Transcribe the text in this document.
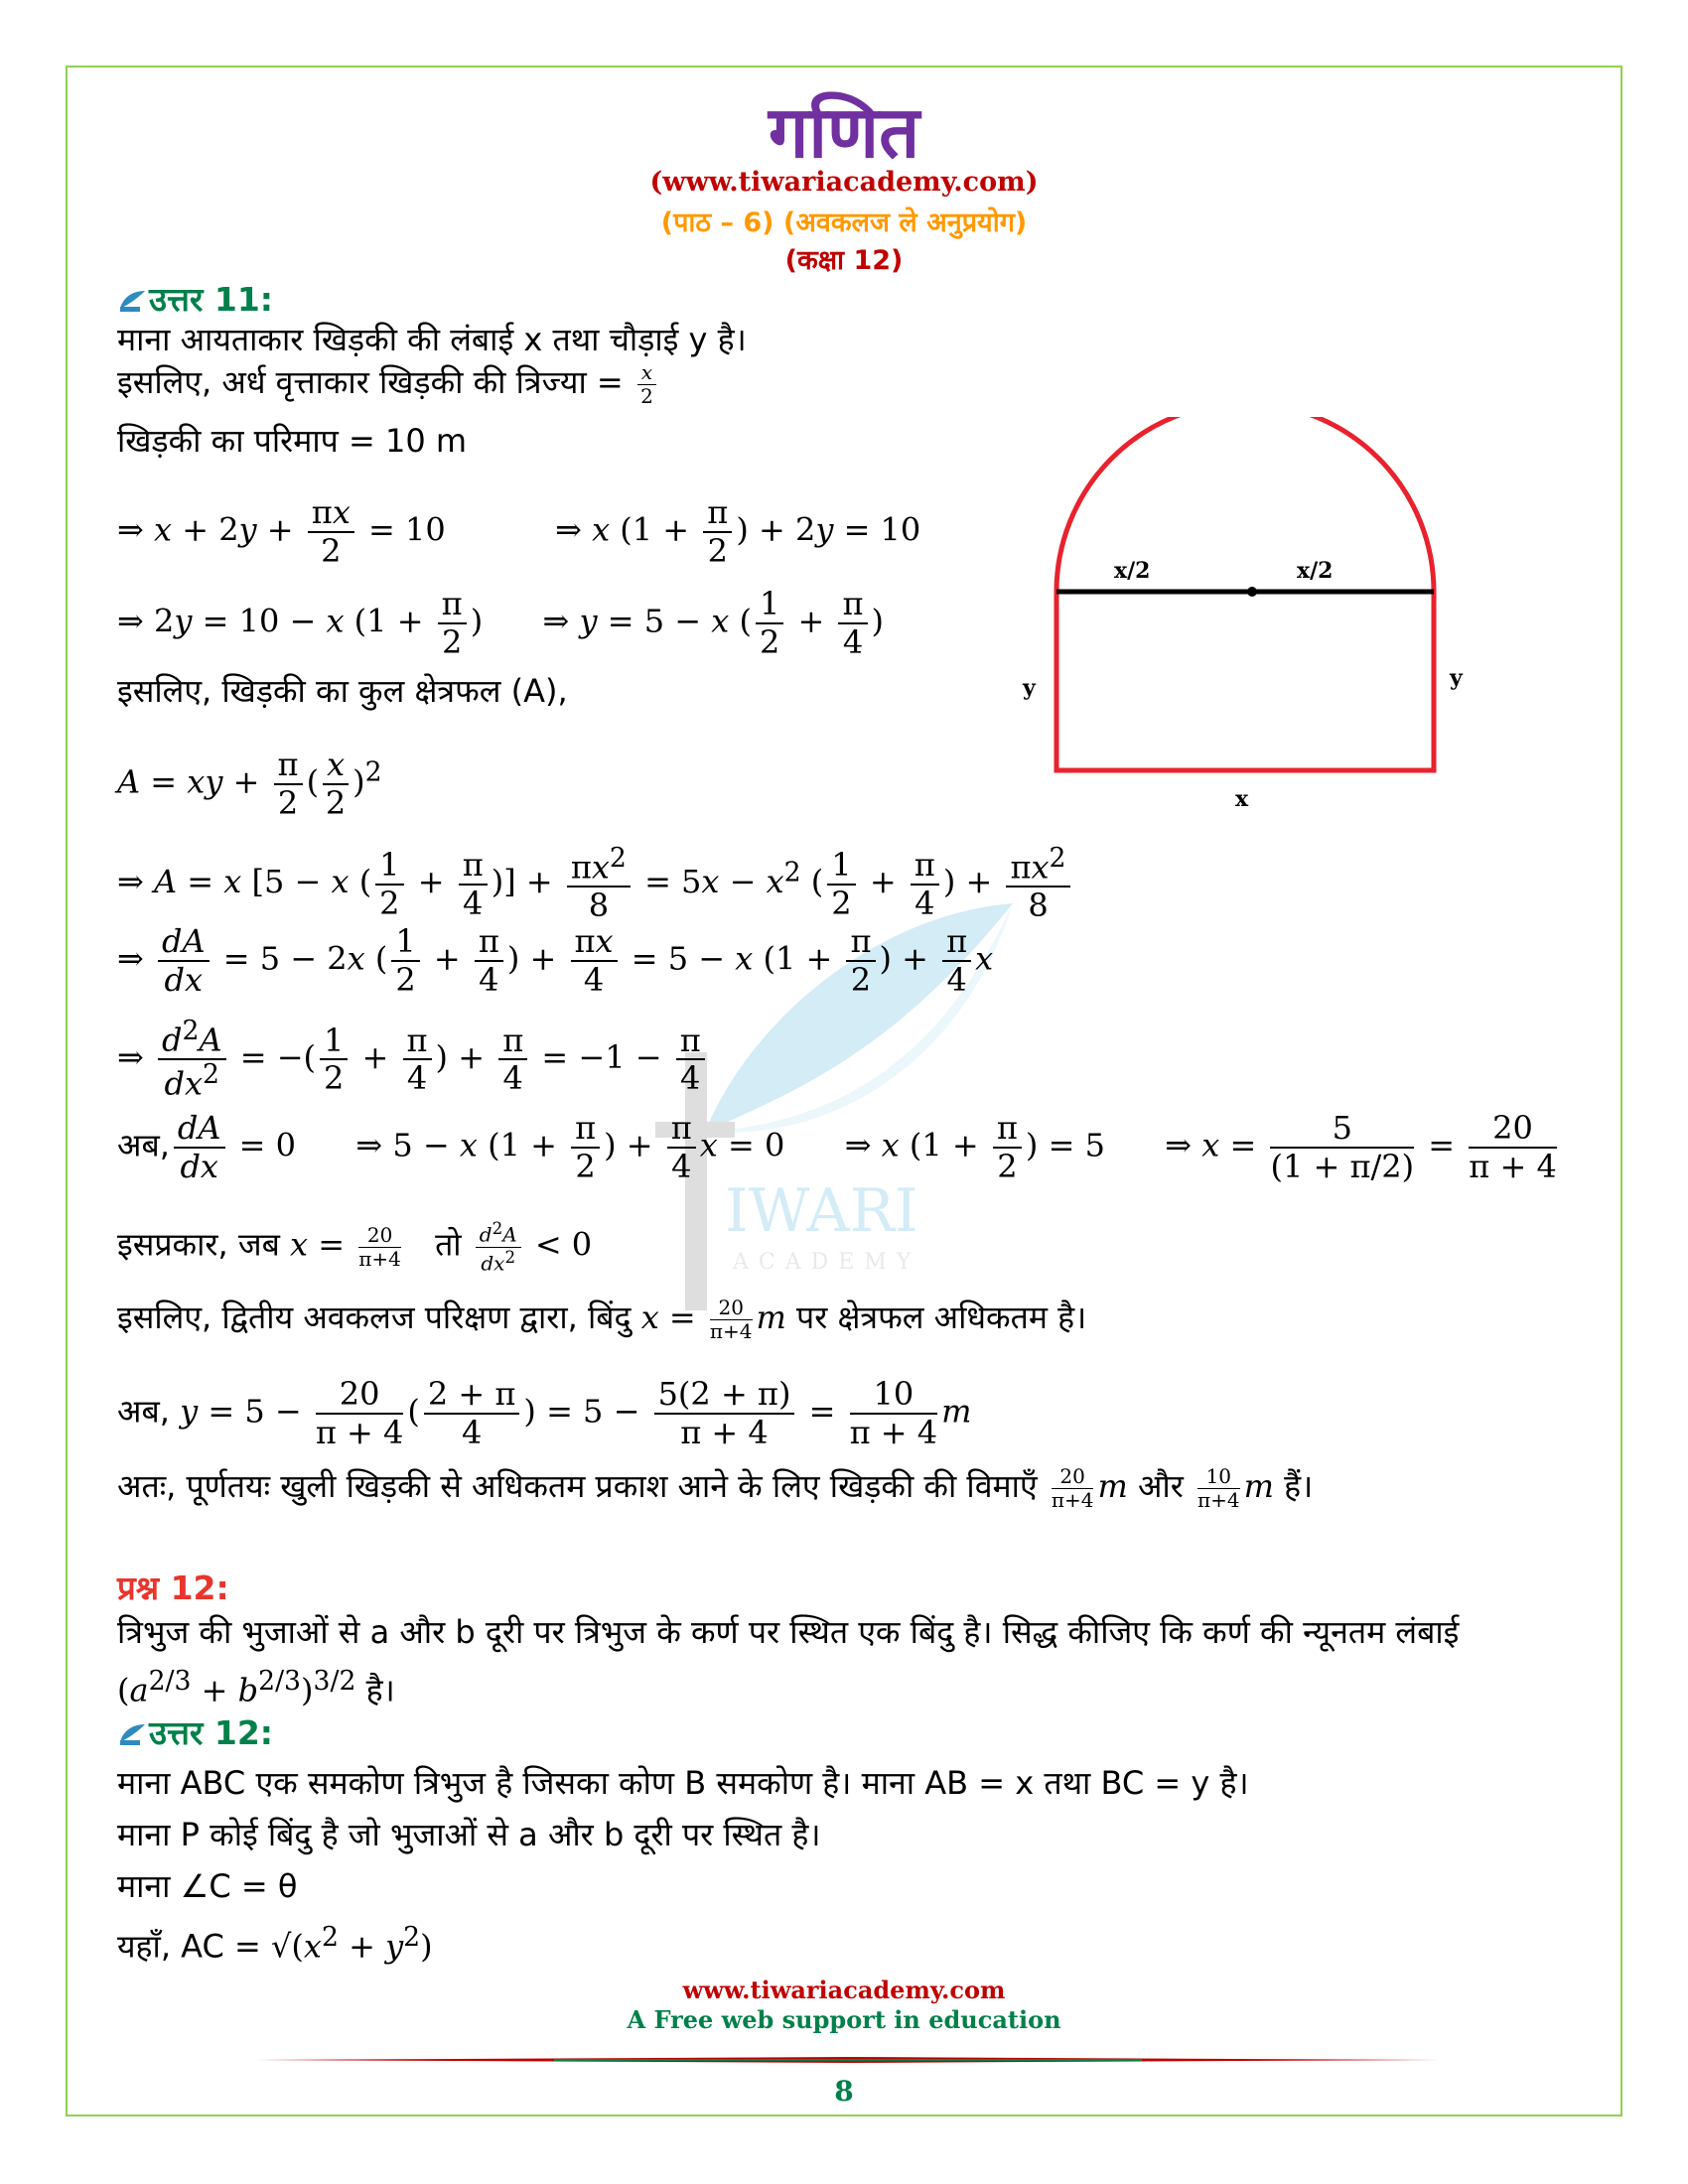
IWARI
ACADEMY
गणित
(www.tiwariacademy.com)
(पाठ – 6) (अवकलज ले अनुप्रयोग)
(कक्षा 12)
उत्तर 11:
माना आयताकार खिड़की की लंबाई x तथा चौड़ाई y है।
इसलिए, अर्ध वृत्ताकार खिड़की की त्रिज्या = $\frac{x}{2}$
खिड़की का परिमाप = 10 m
⇒ $x + 2y + \frac{\pi x}{2} = 10$	⇒ x ($1 + \frac{\pi}{2}$ ) + 2y = 10
⇒ 2y = 10 − x ($1 + \frac{\pi}{2}$ )  ⇒ y = 5 − x ( $\frac{1}{2} + \frac{\pi}{4}$ )
इसलिए, खिड़की का कुल क्षेत्रफल (A),
A = xy + $\frac{\pi}{2}$ ( $\frac{x}{2} )^2$
⇒ A = x [5 − x ( $\frac{1}{2} + \frac{\pi}{4}$ )] + $\frac{\pi x^2}{8} = 5x - x^2$ ( $\frac{1}{2} + \frac{\pi}{4}$ ) + $\frac{\pi x^2}{8}$
⇒ $\frac{dA}{dx} = 5 - 2x$ ( $\frac{1}{2} + \frac{\pi}{4}$ ) + $\frac{\pi x}{4} = 5 - x$ ($1 + \frac{\pi}{2}$ ) + $\frac{\pi}{4}$ x
⇒ $\frac{d^2A}{dx^2}$ = −( $\frac{1}{2} + \frac{\pi}{4}$ ) + $\frac{\pi}{4} = -1 - \frac{\pi}{4}$
अब, $\frac{dA}{dx} = 0$  ⇒ 5 − x ($1 + \frac{\pi}{2}$ ) + $\frac{\pi}{4}$ x = 0  ⇒ x ($1 + \frac{\pi}{2}$ ) = 5  ⇒ $x = \frac{5}{(1 + \pi/2)} = \frac{20}{\pi + 4}$
इसप्रकार, जब $x = \frac{20}{\pi+4}$ तो $\frac{d^2A}{dx^2} < 0$
इसलिए, द्वितीय अवकलज परिक्षण द्वारा, बिंदु $x = \frac{20}{\pi+4}$ m पर क्षेत्रफल अधिकतम है।
अब, $y = 5 - \frac{20}{\pi + 4}$ ( $\frac{2 + \pi}{4}$ ) = $5 - \frac{5(2 + \pi)}{\pi + 4} = \frac{10}{\pi + 4}$ m
अतः, पूर्णतयः खुली खिड़की से अधिकतम प्रकाश आने के लिए खिड़की की विमाएँ $\frac{20}{\pi+4}$ m और $\frac{10}{\pi+4}$ m हैं।
प्रश्न 12:
त्रिभुज की भुजाओं से a और b दूरी पर त्रिभुज के कर्ण पर स्थित एक बिंदु है। सिद्ध कीजिए कि कर्ण की न्यूनतम लंबाई
$(a^{2/3} + b^{2/3})^{3/2}$ है।
उत्तर 12:
माना ABC एक समकोण त्रिभुज है जिसका कोण B समकोण है। माना AB = x तथा BC = y है।
माना P कोई बिंदु है जो भुजाओं से a और b दूरी पर स्थित है।
माना ∠C = θ
यहाँ, AC = $√(x^2 + y^2)$
x/2	x/2
y	y
x
www.tiwariacademy.com
A Free web support in education
8
